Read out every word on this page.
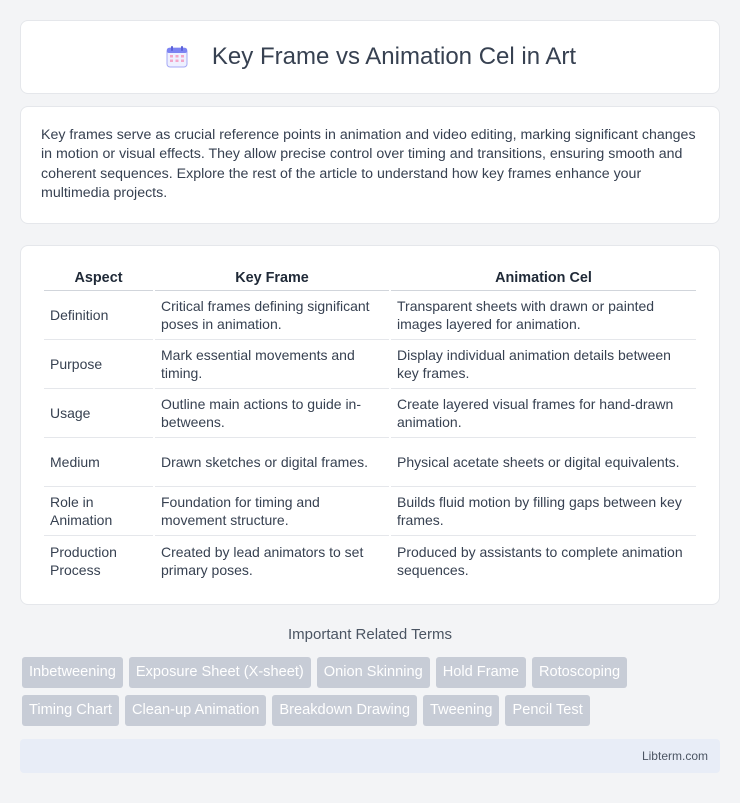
Key Frame vs Animation Cel in Art

Key frames serve as crucial reference points in animation and video editing, marking significant changes in motion or visual effects. They allow precise control over timing and transitions, ensuring smooth and coherent sequences. Explore the rest of the article to understand how key frames enhance your multimedia projects.

Aspect	Key Frame	Animation Cel
Definition	Critical frames defining significant poses in animation.	Transparent sheets with drawn or painted images layered for animation.
Purpose	Mark essential movements and timing.	Display individual animation details between key frames.
Usage	Outline main actions to guide in-betweens.	Create layered visual frames for hand-drawn animation.
Medium	Drawn sketches or digital frames.	Physical acetate sheets or digital equivalents.
Role in Animation	Foundation for timing and movement structure.	Builds fluid motion by filling gaps between key frames.
Production Process	Created by lead animators to set primary poses.	Produced by assistants to complete animation sequences.
Important Related Terms
Inbetweening	Exposure Sheet (X-sheet)	Onion Skinning	Hold Frame	Rotoscoping
Timing Chart	Clean-up Animation	Breakdown Drawing	Tweening	Pencil Test
Libterm.com
